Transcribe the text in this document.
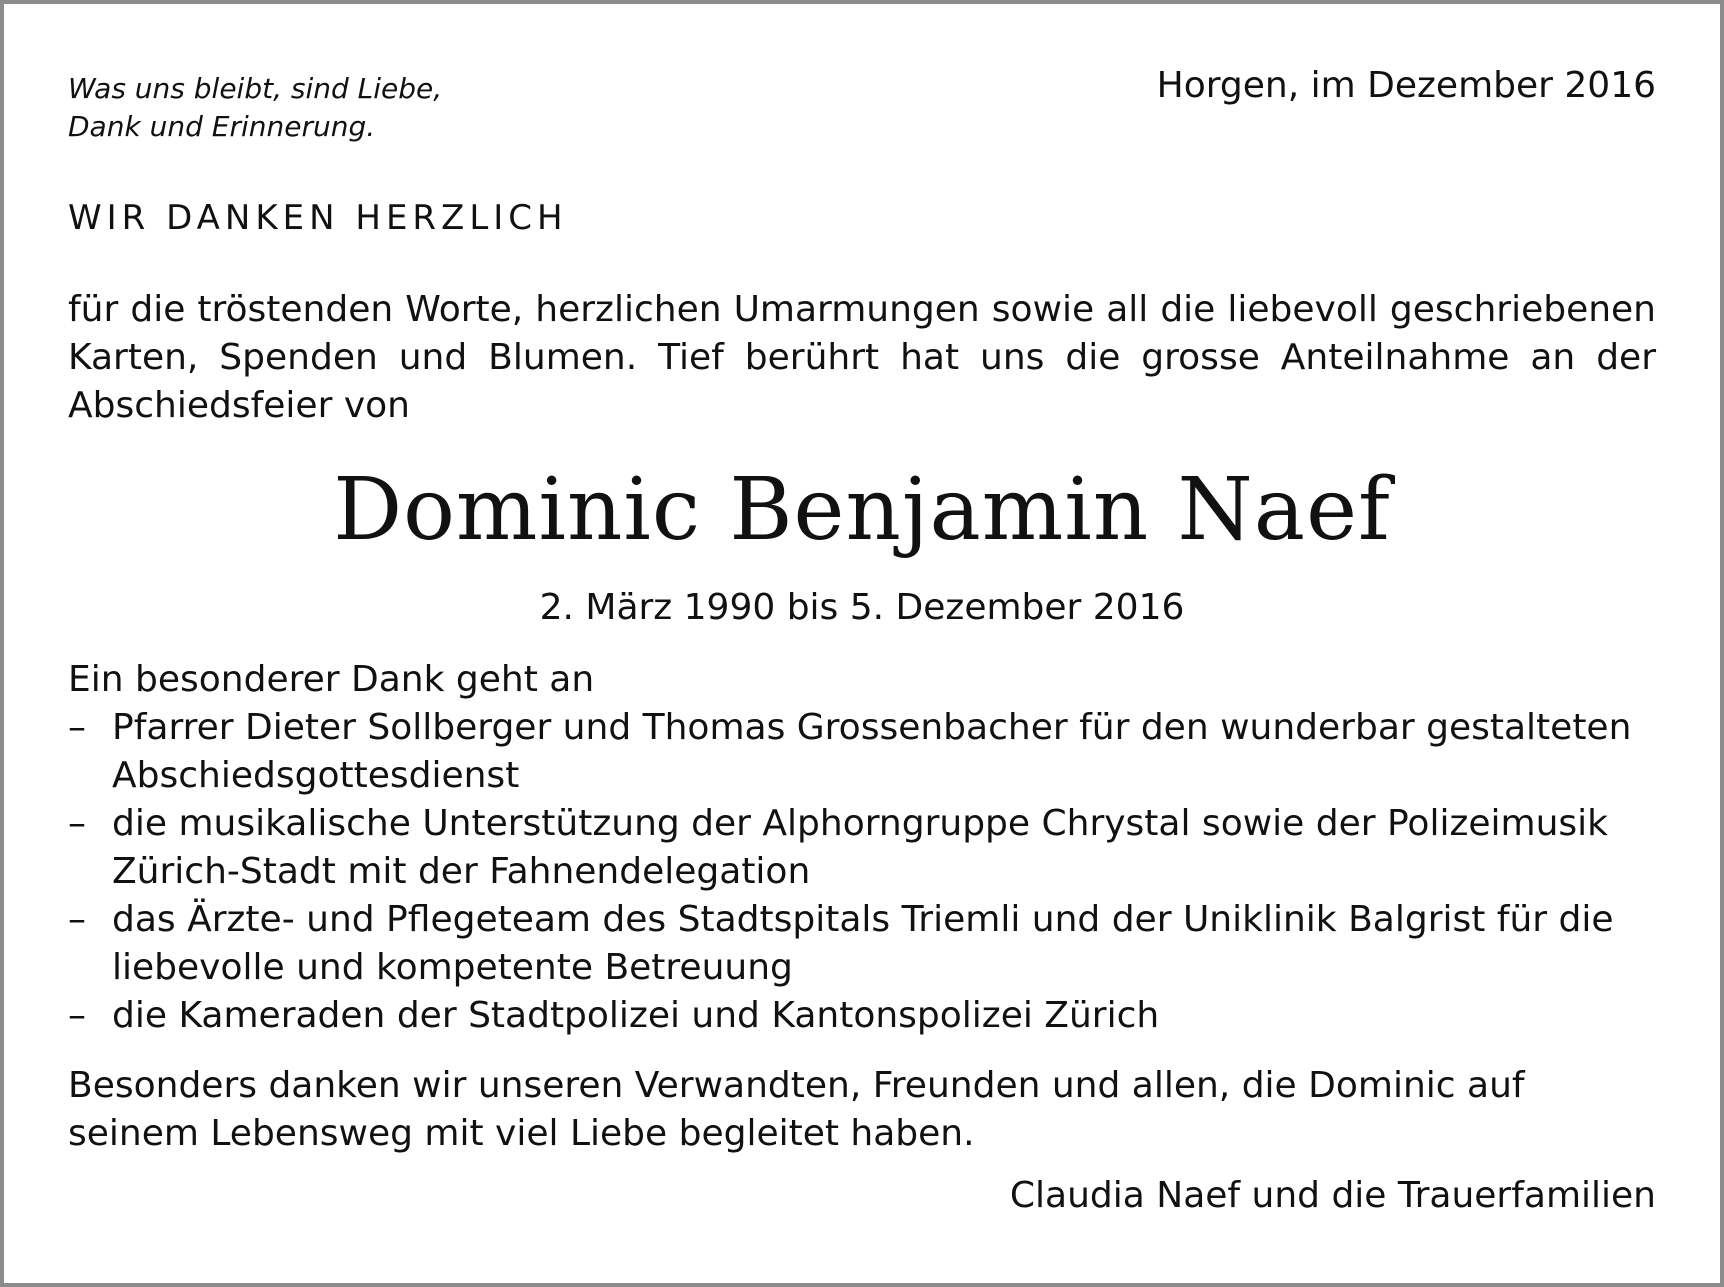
Was uns bleibt, sind Liebe,
Dank und Erinnerung.

Horgen, im Dezember 2016

WIR DANKEN HERZLICH

für die tröstenden Worte, herzlichen Umarmungen sowie all die liebevoll geschriebenen Karten, Spenden und Blumen. Tief berührt hat uns die grosse Anteilnahme an der Abschiedsfeier von

Dominic Benjamin Naef

2. März 1990 bis 5. Dezember 2016

Ein besonderer Dank geht an

– Pfarrer Dieter Sollberger und Thomas Grossenbacher für den wunderbar gestalteten Abschiedsgottesdienst
– die musikalische Unterstützung der Alphorngruppe Chrystal sowie der Polizeimusik Zürich-Stadt mit der Fahnendelegation
– das Ärzte- und Pflegeteam des Stadtspitals Triemli und der Uniklinik Balgrist für die liebevolle und kompetente Betreuung
– die Kameraden der Stadtpolizei und Kantonspolizei Zürich

Besonders danken wir unseren Verwandten, Freunden und allen, die Dominic auf seinem Lebensweg mit viel Liebe begleitet haben.

Claudia Naef und die Trauerfamilien
